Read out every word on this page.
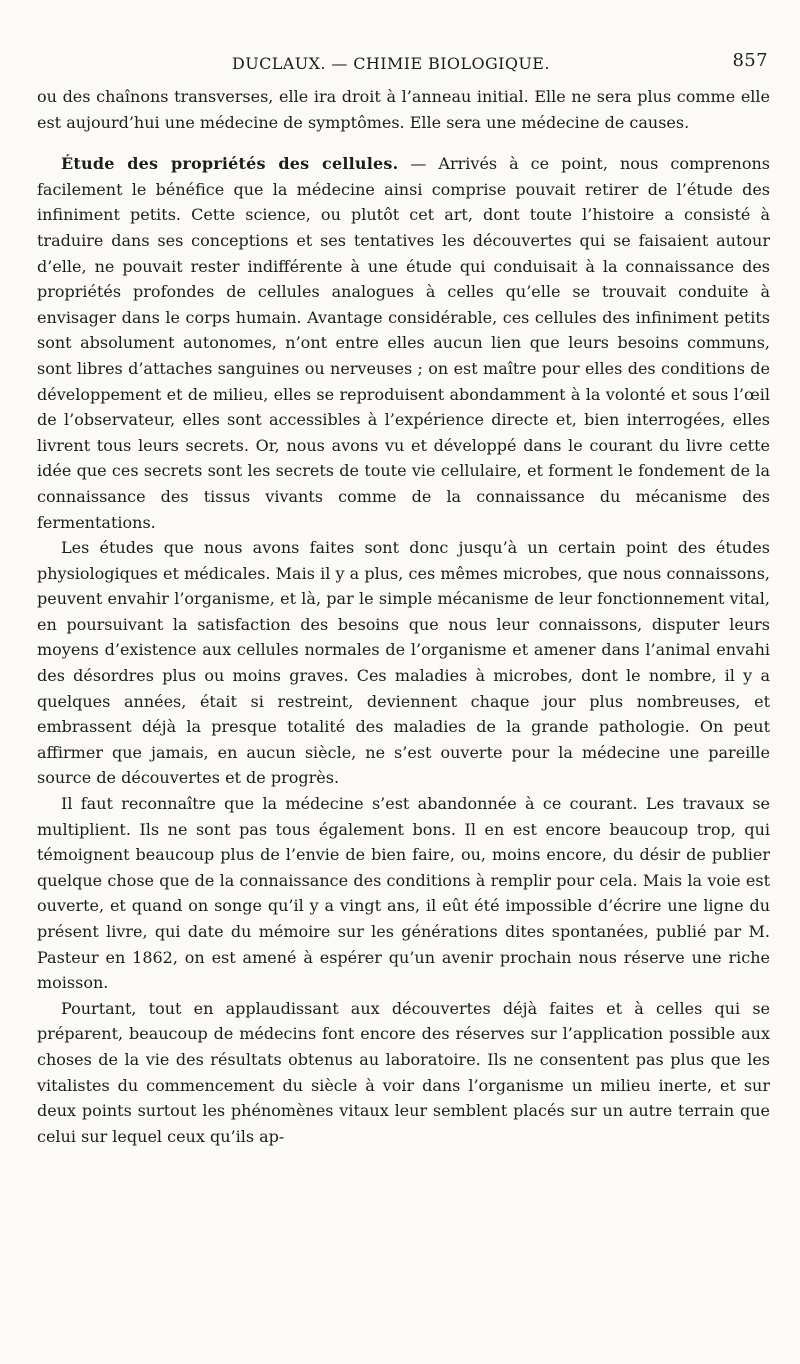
DUCLAUX. — CHIMIE BIOLOGIQUE.	857

ou des chaînons transverses, elle ira droit à l’anneau initial. Elle ne sera plus comme elle est aujourd’hui une médecine de symptômes. Elle sera une médecine de causes.

Étude des propriétés des cellules. — Arrivés à ce point, nous comprenons facilement le bénéfice que la médecine ainsi comprise pouvait retirer de l’étude des infiniment petits. Cette science, ou plutôt cet art, dont toute l’histoire a consisté à traduire dans ses conceptions et ses tentatives les découvertes qui se faisaient autour d’elle, ne pouvait rester indifférente à une étude qui conduisait à la connaissance des propriétés profondes de cellules analogues à celles qu’elle se trouvait conduite à envisager dans le corps humain. Avantage considérable, ces cellules des infiniment petits sont absolument autonomes, n’ont entre elles aucun lien que leurs besoins communs, sont libres d’attaches sanguines ou nerveuses ; on est maître pour elles des conditions de développement et de milieu, elles se reproduisent abondamment à la volonté et sous l’œil de l’observateur, elles sont accessibles à l’expérience directe et, bien interrogées, elles livrent tous leurs secrets. Or, nous avons vu et développé dans le courant du livre cette idée que ces secrets sont les secrets de toute vie cellulaire, et forment le fondement de la connaissance des tissus vivants comme de la connaissance du mécanisme des fermentations.

Les études que nous avons faites sont donc jusqu’à un certain point des études physiologiques et médicales. Mais il y a plus, ces mêmes microbes, que nous connaissons, peuvent envahir l’organisme, et là, par le simple mécanisme de leur fonctionnement vital, en poursuivant la satisfaction des besoins que nous leur connaissons, disputer leurs moyens d’existence aux cellules normales de l’organisme et amener dans l’animal envahi des désordres plus ou moins graves. Ces maladies à microbes, dont le nombre, il y a quelques années, était si restreint, deviennent chaque jour plus nombreuses, et embrassent déjà la presque totalité des maladies de la grande pathologie. On peut affirmer que jamais, en aucun siècle, ne s’est ouverte pour la médecine une pareille source de découvertes et de progrès.

Il faut reconnaître que la médecine s’est abandonnée à ce courant. Les travaux se multiplient. Ils ne sont pas tous également bons. Il en est encore beaucoup trop, qui témoignent beaucoup plus de l’envie de bien faire, ou, moins encore, du désir de publier quelque chose que de la connaissance des conditions à remplir pour cela. Mais la voie est ouverte, et quand on songe qu’il y a vingt ans, il eût été impossible d’écrire une ligne du présent livre, qui date du mémoire sur les générations dites spontanées, publié par M. Pasteur en 1862, on est amené à espérer qu’un avenir prochain nous réserve une riche moisson.

Pourtant, tout en applaudissant aux découvertes déjà faites et à celles qui se préparent, beaucoup de médecins font encore des réserves sur l’application possible aux choses de la vie des résultats obtenus au laboratoire. Ils ne consentent pas plus que les vitalistes du commencement du siècle à voir dans l’organisme un milieu inerte, et sur deux points surtout les phénomènes vitaux leur semblent placés sur un autre terrain que celui sur lequel ceux qu’ils ap-
